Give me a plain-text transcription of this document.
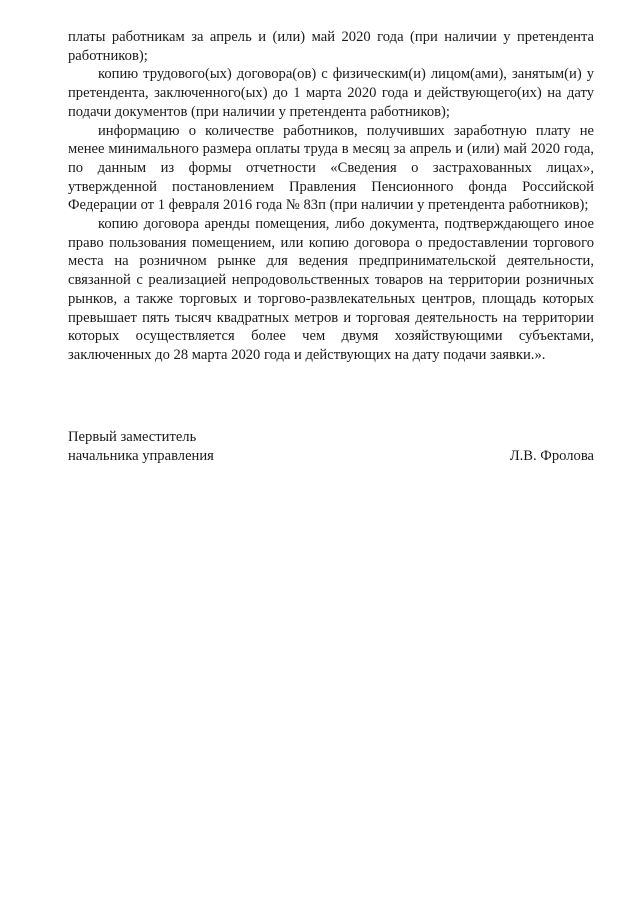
платы работникам за апрель и (или) май 2020 года (при наличии у претендента работников);

копию трудового(ых) договора(ов) с физическим(и) лицом(ами), занятым(и) у претендента, заключенного(ых) до 1 марта 2020 года и действующего(их) на дату подачи документов (при наличии у претендента работников);

информацию о количестве работников, получивших заработную плату не менее минимального размера оплаты труда в месяц за апрель и (или) май 2020 года, по данным из формы отчетности «Сведения о застрахованных лицах», утвержденной постановлением Правления Пенсионного фонда Российской Федерации от 1 февраля 2016 года № 83п (при наличии у претендента работников);

копию договора аренды помещения, либо документа, подтверждающего иное право пользования помещением, или копию договора о предоставлении торгового места на розничном рынке для ведения предпринимательской деятельности, связанной с реализацией непродовольственных товаров на территории розничных рынков, а также торговых и торгово-развлекательных центров, площадь которых превышает пять тысяч квадратных метров и торговая деятельность на территории которых осуществляется более чем двумя хозяйствующими субъектами, заключенных до 28 марта 2020 года и действующих на дату подачи заявки.».

Первый заместитель
начальника управления	Л.В. Фролова
